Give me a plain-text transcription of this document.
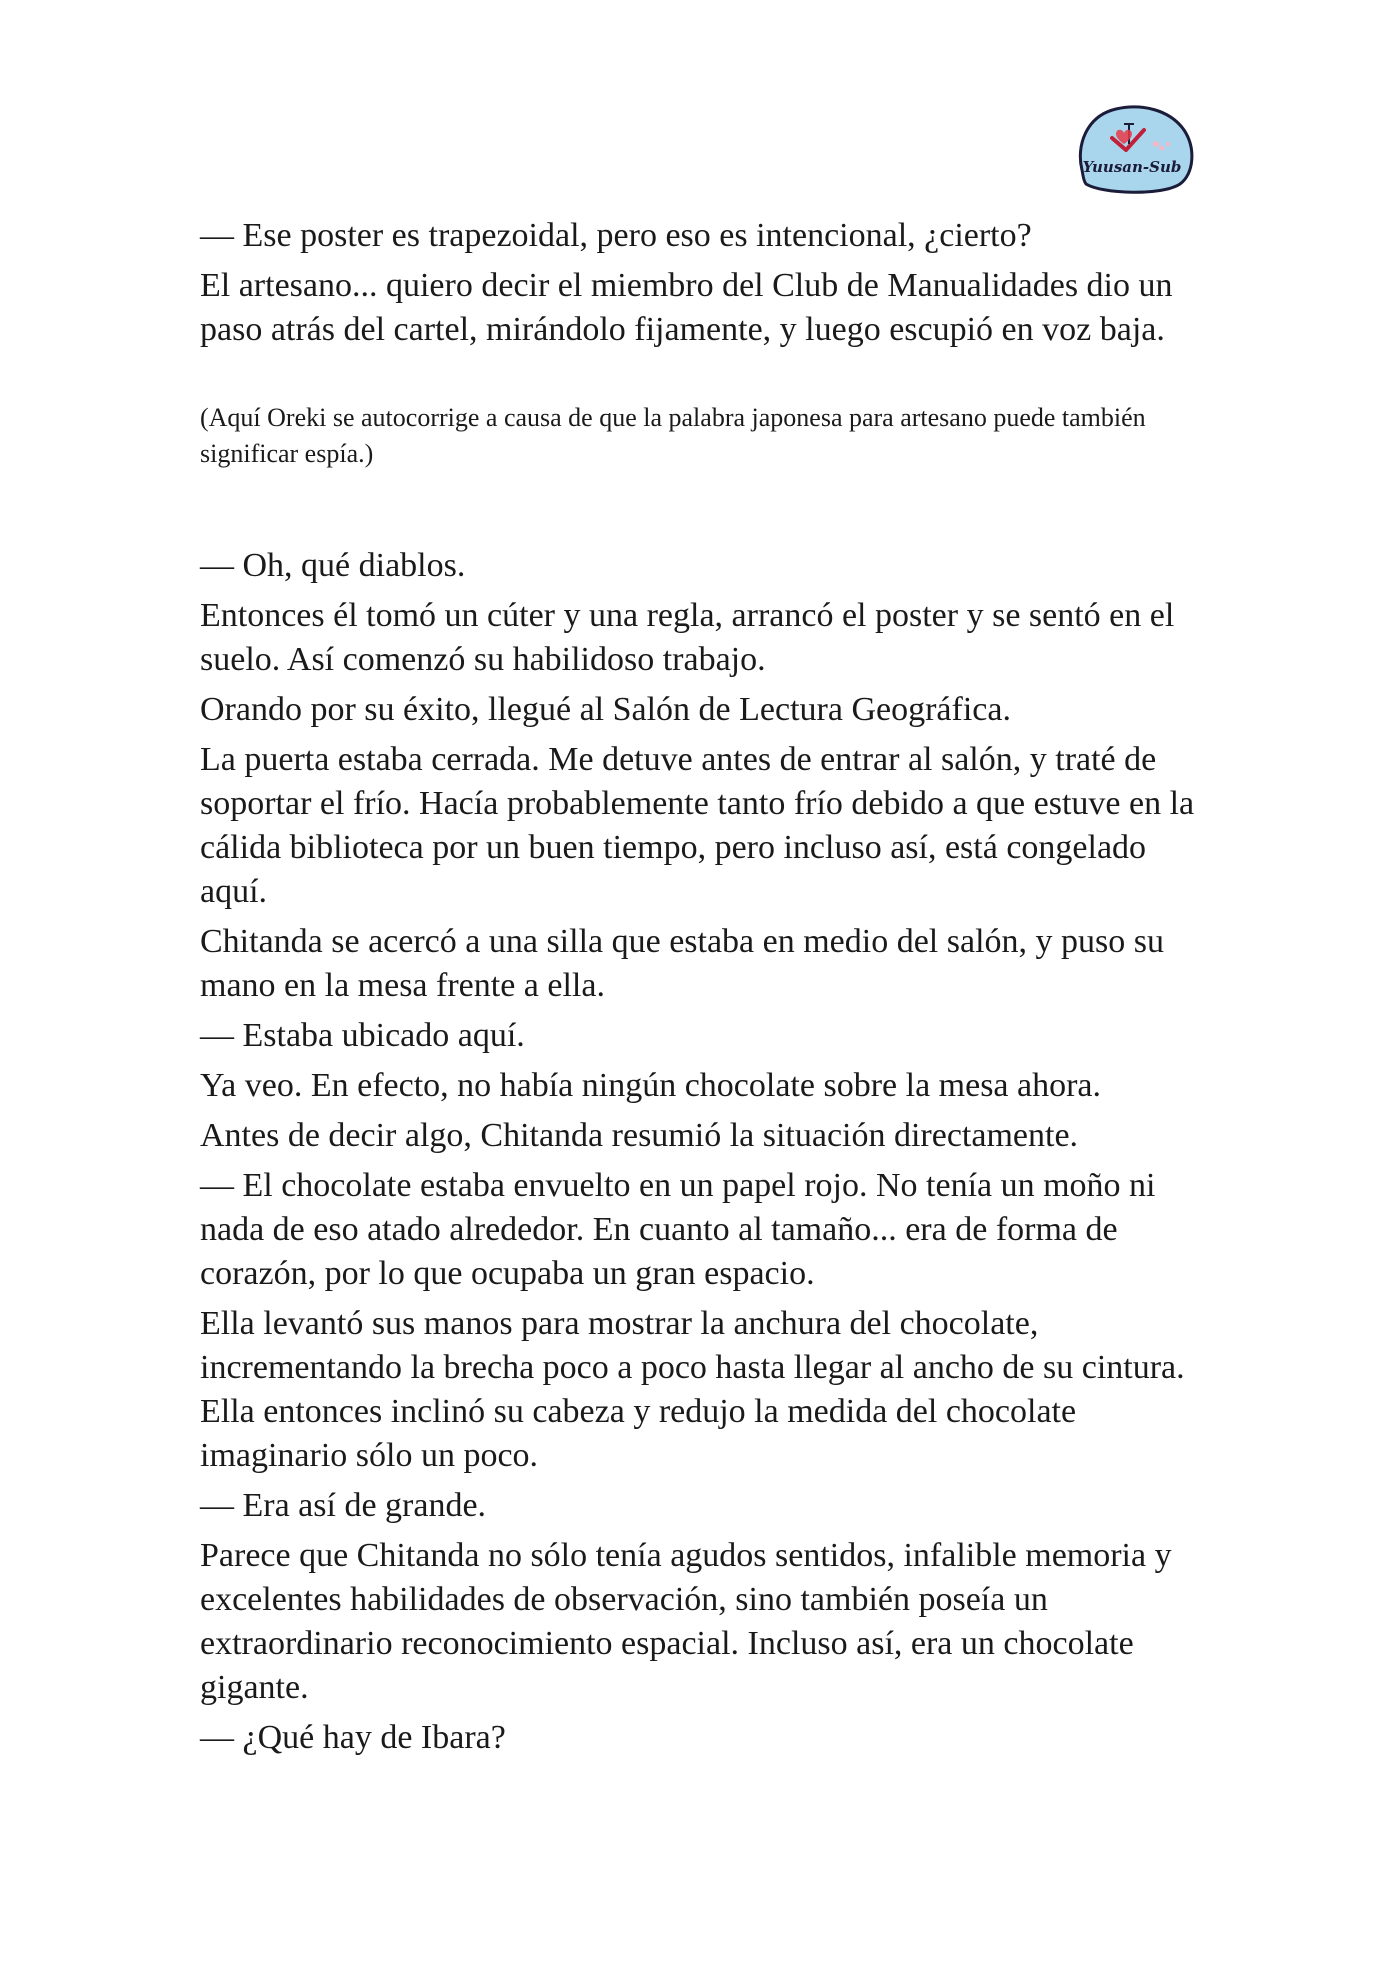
Yuusan-Sub

— Ese poster es trapezoidal, pero eso es intencional, ¿cierto?

El artesano... quiero decir el miembro del Club de Manualidades dio un paso atrás del cartel, mirándolo fijamente, y luego escupió en voz baja.

(Aquí Oreki se autocorrige a causa de que la palabra japonesa para artesano puede también significar espía.)

— Oh, qué diablos.

Entonces él tomó un cúter y una regla, arrancó el poster y se sentó en el suelo. Así comenzó su habilidoso trabajo.

Orando por su éxito, llegué al Salón de Lectura Geográfica.

La puerta estaba cerrada. Me detuve antes de entrar al salón, y traté de soportar el frío. Hacía probablemente tanto frío debido a que estuve en la cálida biblioteca por un buen tiempo, pero incluso así, está congelado aquí.

Chitanda se acercó a una silla que estaba en medio del salón, y puso su mano en la mesa frente a ella.

— Estaba ubicado aquí.

Ya veo. En efecto, no había ningún chocolate sobre la mesa ahora.

Antes de decir algo, Chitanda resumió la situación directamente.

— El chocolate estaba envuelto en un papel rojo. No tenía un moño ni nada de eso atado alrededor. En cuanto al tamaño... era de forma de corazón, por lo que ocupaba un gran espacio.

Ella levantó sus manos para mostrar la anchura del chocolate, incrementando la brecha poco a poco hasta llegar al ancho de su cintura. Ella entonces inclinó su cabeza y redujo la medida del chocolate imaginario sólo un poco.

— Era así de grande.

Parece que Chitanda no sólo tenía agudos sentidos, infalible memoria y excelentes habilidades de observación, sino también poseía un extraordinario reconocimiento espacial. Incluso así, era un chocolate gigante.

— ¿Qué hay de Ibara?
